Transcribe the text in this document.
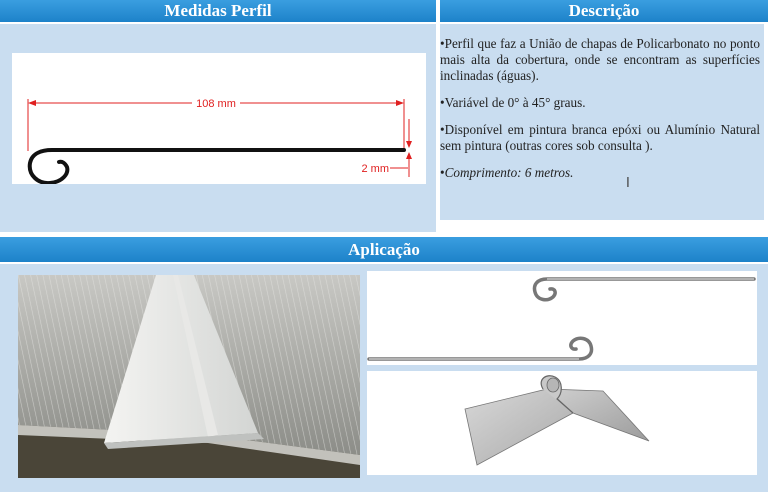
Medidas Perfil	Descrição
108 mm
2 mm

•Perfil que faz a União de chapas de Policarbonato no ponto mais alta da cobertura, onde se encontram as superfícies inclinadas (águas).

•Variável de 0° à 45° graus.

•Disponível em pintura branca epóxi ou Alumínio Natural sem pintura (outras cores sob consulta ).

•Comprimento: 6 metros.

I
Aplicação
